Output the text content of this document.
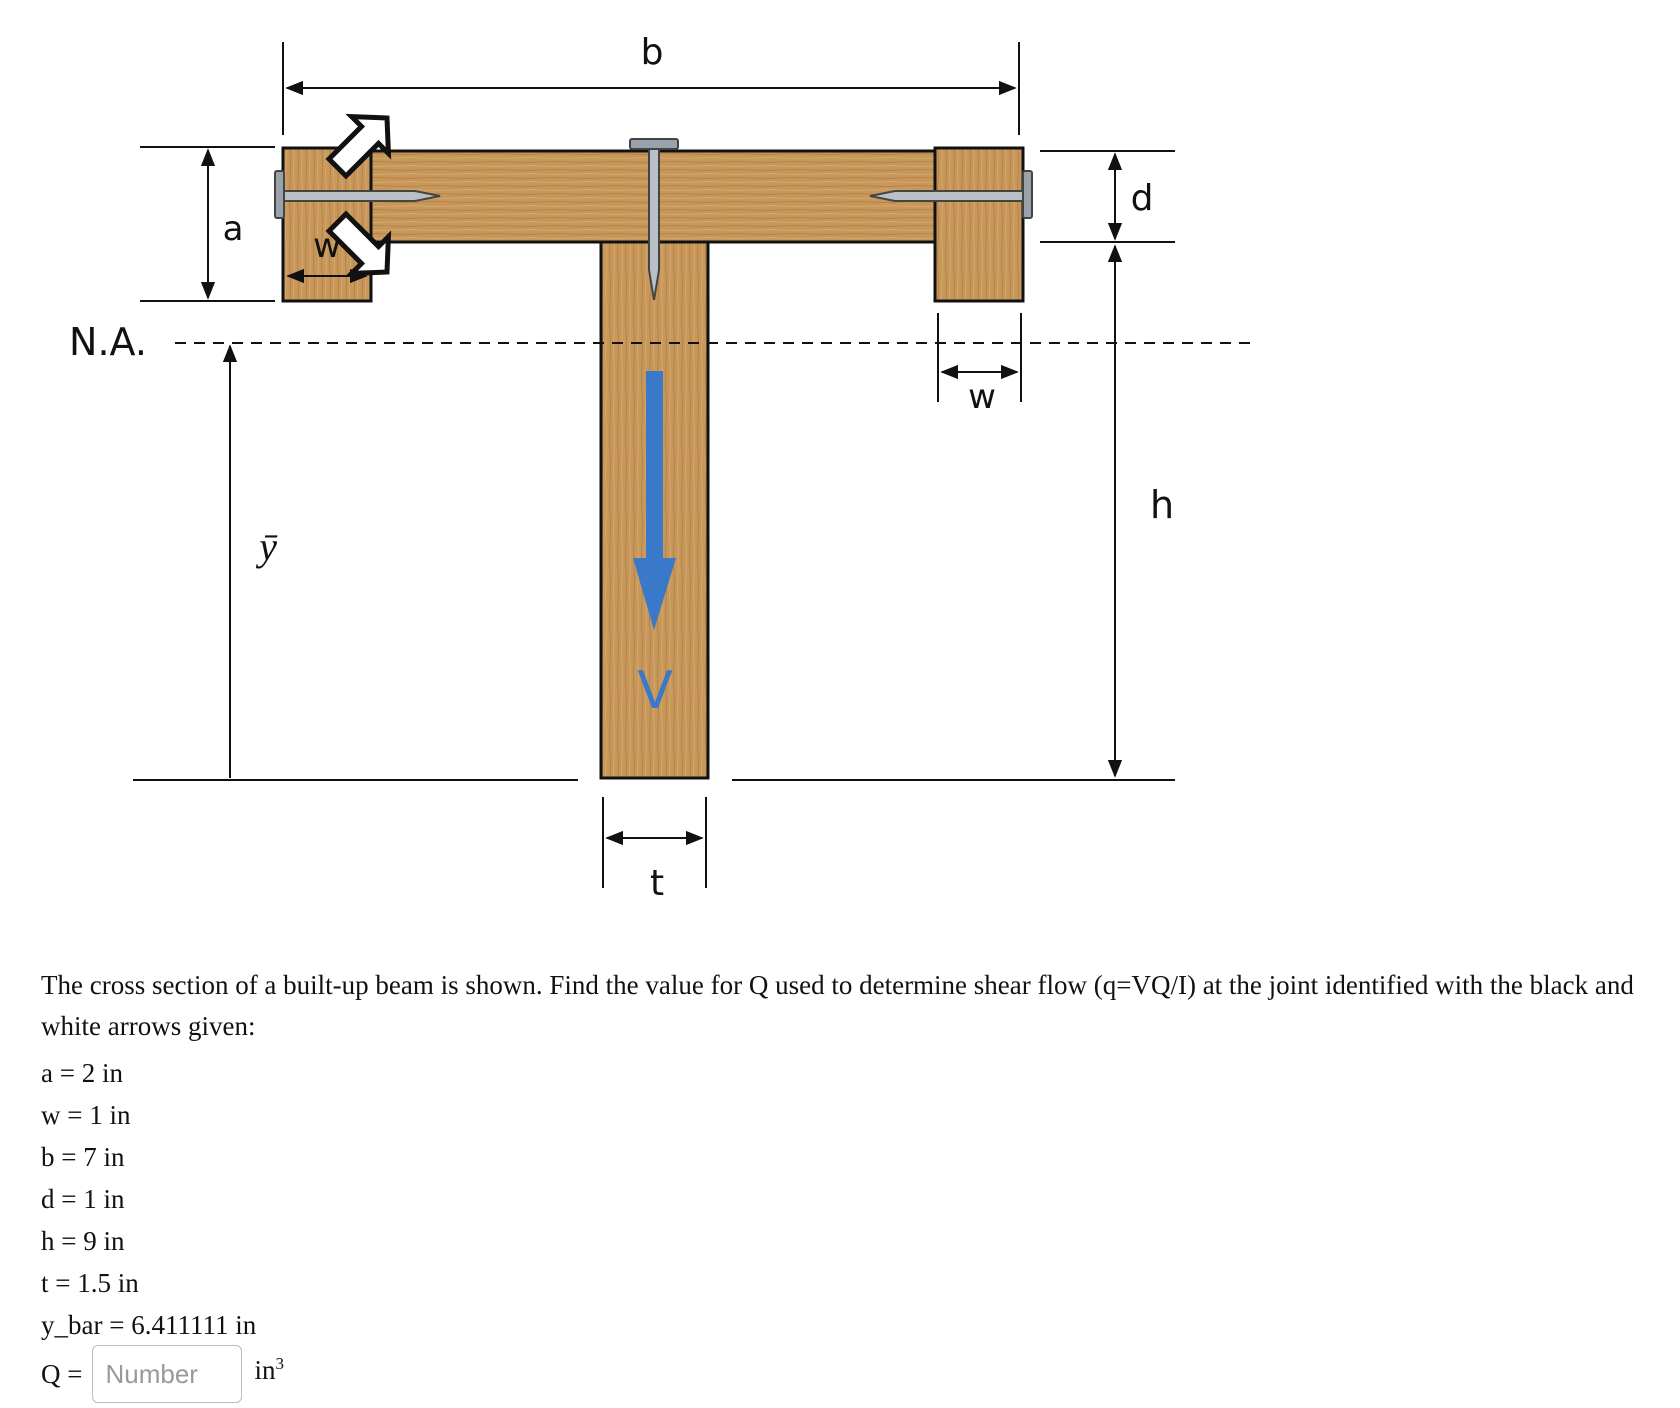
b
a w
d
N.A.
w
ȳ
h
V
t
The cross section of a built-up beam is shown. Find the value for Q used to determine shear flow (q=VQ/I) at the joint identified with the black and white arrows given:
a = 2 in
w = 1 in
b = 7 in
d = 1 in
h = 9 in
t = 1.5 in
y_bar = 6.411111 in
Q =
Number	$in^3$
